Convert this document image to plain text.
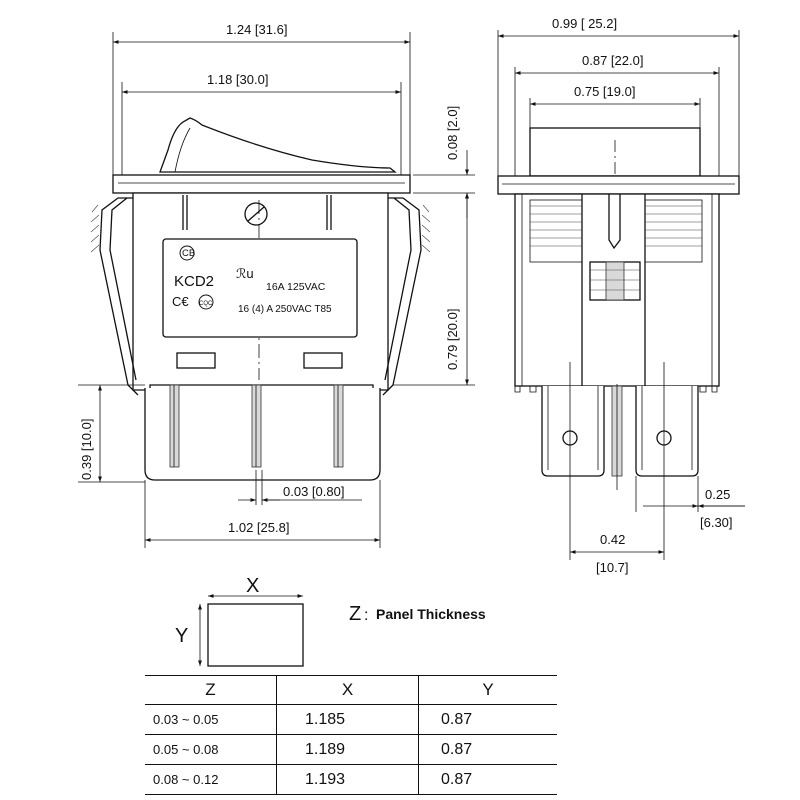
CB
KCD2
C€ CQC
ℛu
16A 125VAC
16 (4) A 250VAC T85
1.24 [31.6]
1.18 [30.0]
0.08 [2.0]
0.79 [20.0]
0.39 [10.0]
0.03 [0.80]
1.02 [25.8]
0.99 [ 25.2]
0.87 [22.0]
0.75 [19.0]
0.25
[6.30]
0.42
[10.7]
X
Y
Z : Panel Thickness
Z	X	Y
0.03 ~ 0.05	1.185	0.87
0.05 ~ 0.08	1.189	0.87
0.08 ~ 0.12	1.193	0.87
